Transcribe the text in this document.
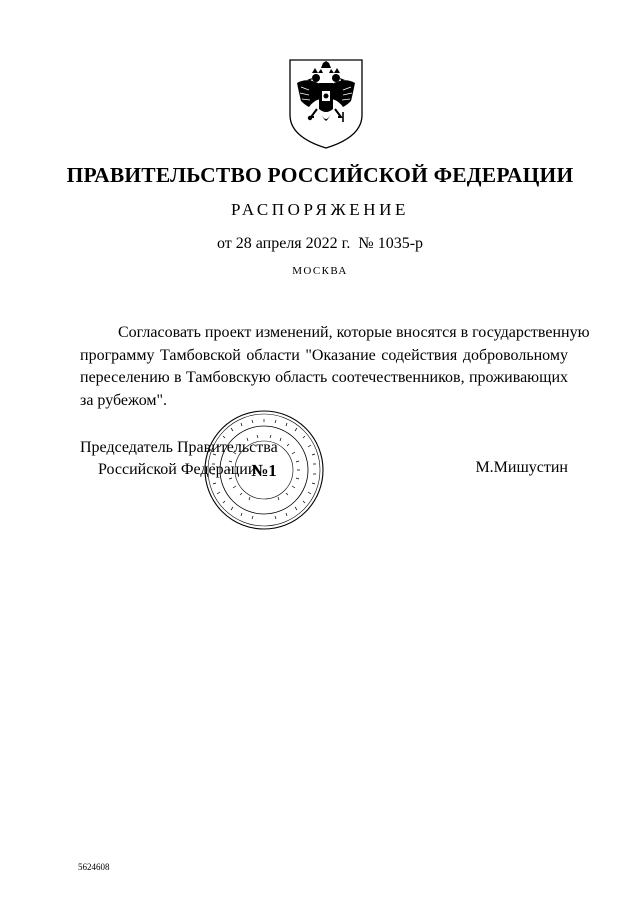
ПРАВИТЕЛЬСТВО РОССИЙСКОЙ ФЕДЕРАЦИИ
РАСПОРЯЖЕНИЕ
от 28 апреля 2022 г. № 1035-р
МОСКВА
Согласовать проект изменений, которые вносятся в государственную
программу Тамбовской области "Оказание содействия добровольному
переселению в Тамбовскую область соотечественников, проживающих
за рубежом".
Председатель Правительства
Российской Федерации	М.Мишустин
№1
5624608
